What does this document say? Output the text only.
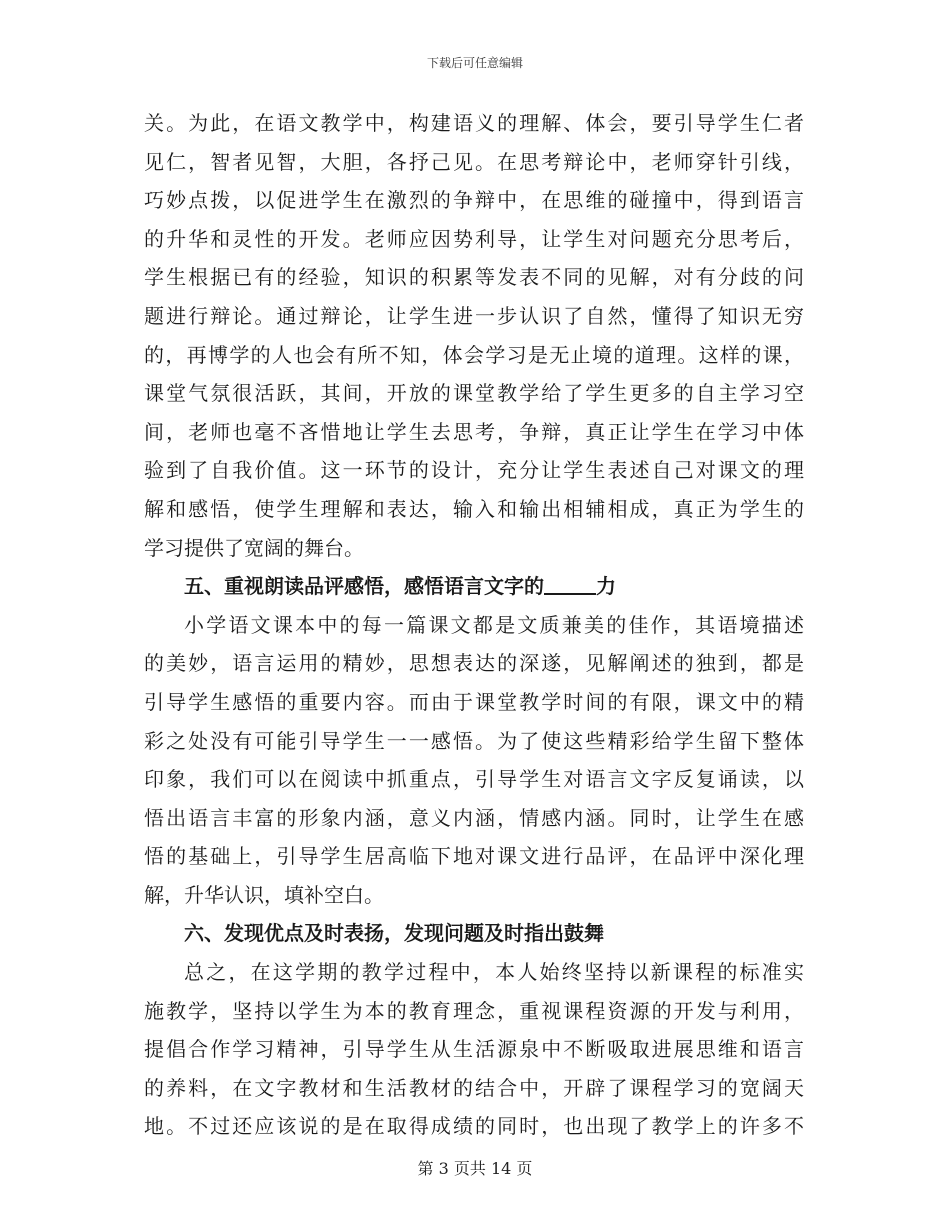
下载后可任意编辑
关。为此，在语文教学中，构建语义的理解、体会，要引导学生仁者
见仁，智者见智，大胆，各抒己见。在思考辩论中，老师穿针引线，
巧妙点拨，以促进学生在激烈的争辩中，在思维的碰撞中，得到语言
的升华和灵性的开发。老师应因势利导，让学生对问题充分思考后，
学生根据已有的经验，知识的积累等发表不同的见解，对有分歧的问
题进行辩论。通过辩论，让学生进一步认识了自然，懂得了知识无穷
的，再博学的人也会有所不知，体会学习是无止境的道理。这样的课，
课堂气氛很活跃，其间，开放的课堂教学给了学生更多的自主学习空
间，老师也毫不吝惜地让学生去思考，争辩，真正让学生在学习中体
验到了自我价值。这一环节的设计，充分让学生表述自己对课文的理
解和感悟，使学生理解和表达，输入和输出相辅相成，真正为学生的
学习提供了宽阔的舞台。
五、重视朗读品评感悟，感悟语言文字的	力
小学语文课本中的每一篇课文都是文质兼美的佳作，其语境描述
的美妙，语言运用的精妙，思想表达的深遂，见解阐述的独到，都是
引导学生感悟的重要内容。而由于课堂教学时间的有限，课文中的精
彩之处没有可能引导学生一一感悟。为了使这些精彩给学生留下整体
印象，我们可以在阅读中抓重点，引导学生对语言文字反复诵读，以
悟出语言丰富的形象内涵，意义内涵，情感内涵。同时，让学生在感
悟的基础上，引导学生居高临下地对课文进行品评，在品评中深化理
解，升华认识，填补空白。
六、发现优点及时表扬，发现问题及时指出鼓舞
总之，在这学期的教学过程中，本人始终坚持以新课程的标准实
施教学，坚持以学生为本的教育理念，重视课程资源的开发与利用，
提倡合作学习精神，引导学生从生活源泉中不断吸取进展思维和语言
的养料，在文字教材和生活教材的结合中，开辟了课程学习的宽阔天
地。不过还应该说的是在取得成绩的同时，也出现了教学上的许多不
第 3 页共 14 页
